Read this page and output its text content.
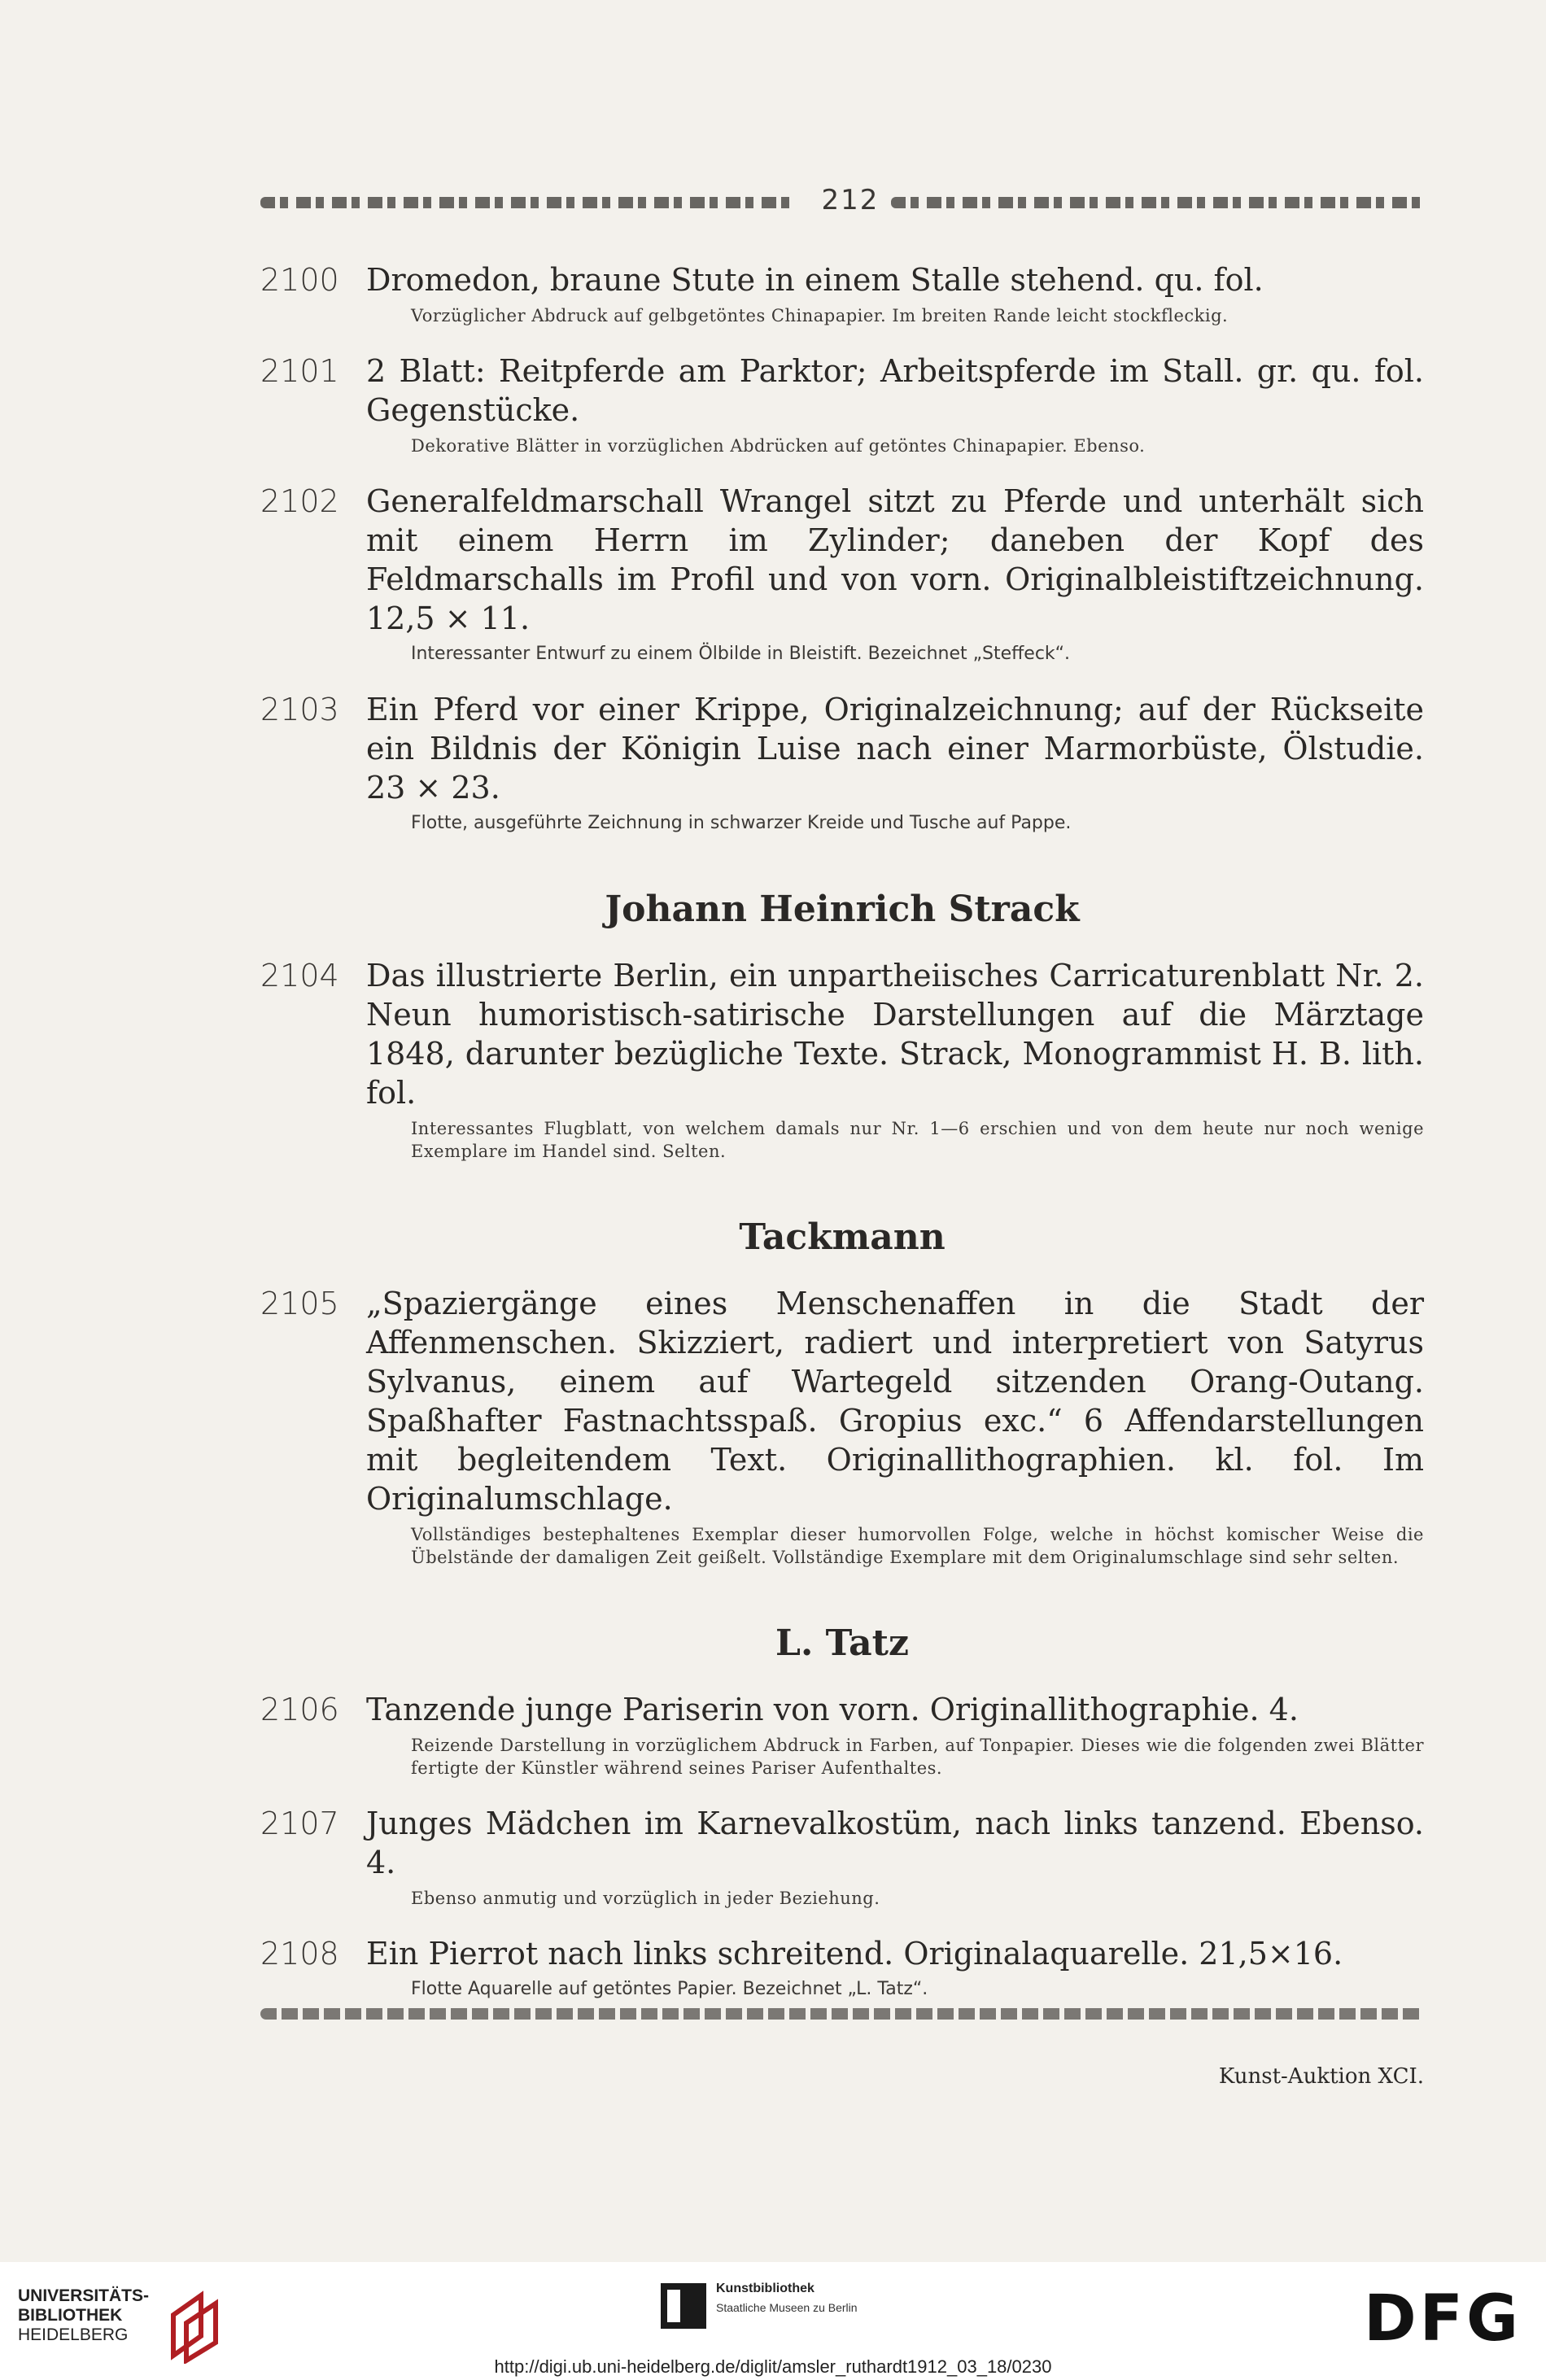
212
2100 Dromedon, braune Stute in einem Stalle stehend. qu. fol.
Vorzüglicher Abdruck auf gelbgetöntes Chinapapier. Im breiten Rande leicht stockfleckig.
2101 2 Blatt: Reitpferde am Parktor; Arbeitspferde im Stall. gr. qu. fol. Gegenstücke.
Dekorative Blätter in vorzüglichen Abdrücken auf getöntes Chinapapier. Ebenso.
2102 Generalfeldmarschall Wrangel sitzt zu Pferde und unterhält sich mit einem Herrn im Zylinder; daneben der Kopf des Feldmarschalls im Profil und von vorn. Originalbleistiftzeichnung. 12,5 × 11.
Interessanter Entwurf zu einem Ölbilde in Bleistift. Bezeichnet „Steffeck“.
2103 Ein Pferd vor einer Krippe, Originalzeichnung; auf der Rückseite ein Bildnis der Königin Luise nach einer Marmorbüste, Ölstudie. 23 × 23.
Flotte, ausgeführte Zeichnung in schwarzer Kreide und Tusche auf Pappe.
Johann Heinrich Strack
2104 Das illustrierte Berlin, ein unpartheiisches Carricaturenblatt Nr. 2. Neun humoristisch-satirische Darstellungen auf die Märztage 1848, darunter bezügliche Texte. Strack, Monogrammist H. B. lith. fol.
Interessantes Flugblatt, von welchem damals nur Nr. 1—6 erschien und von dem heute nur noch wenige Exemplare im Handel sind. Selten.
Tackmann
2105 „Spaziergänge eines Menschenaffen in die Stadt der Affenmenschen. Skizziert, radiert und interpretiert von Satyrus Sylvanus, einem auf Wartegeld sitzenden Orang-Outang. Spaßhafter Fastnachtsspaß. Gropius exc.“ 6 Affendarstellungen mit begleitendem Text. Originallithographien. kl. fol. Im Originalumschlage.
Vollständiges bestерhaltenes Exemplar dieser humorvollen Folge, welche in höchst komischer Weise die Übelstände der damaligen Zeit geißelt. Vollständige Exemplare mit dem Originalumschlage sind sehr selten.
L. Tatz
2106 Tanzende junge Pariserin von vorn. Originallithographie. 4.
Reizende Darstellung in vorzüglichem Abdruck in Farben, auf Tonpapier. Dieses wie die folgenden zwei Blätter fertigte der Künstler während seines Pariser Aufenthaltes.
2107 Junges Mädchen im Karnevalkostüm, nach links tanzend. Ebenso. 4.
Ebenso anmutig und vorzüglich in jeder Beziehung.
2108 Ein Pierrot nach links schreitend. Originalaquarelle. 21,5×16.
Flotte Aquarelle auf getöntes Papier. Bezeichnet „L. Tatz“.
Kunst-Auktion XCI.
UNIVERSITÄTS-
BIBLIOTHEK
HEIDELBERG
Kunstbibliothek
Staatliche Museen zu Berlin	DFG
http://digi.ub.uni-heidelberg.de/diglit/amsler_ruthardt1912_03_18/0230
